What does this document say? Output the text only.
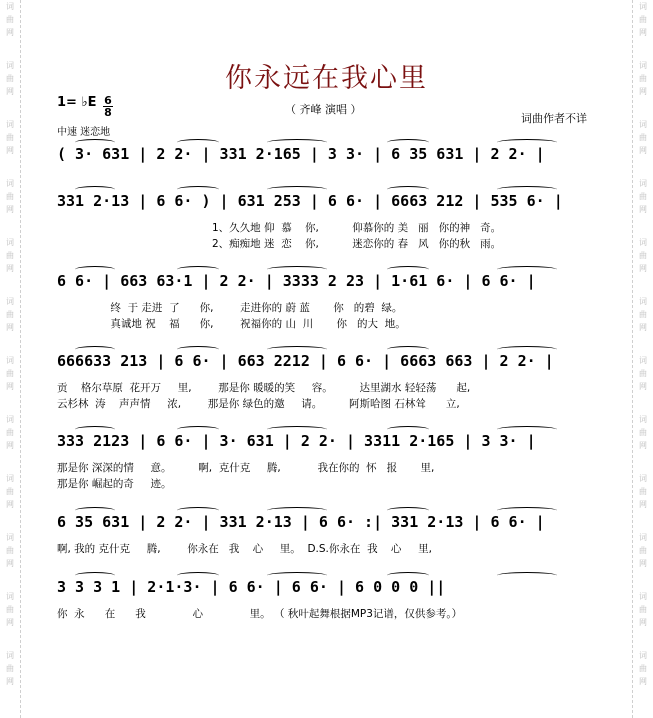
词
曲
网
词
曲
网
词
曲
网
词
曲
网
词
曲
网
词
曲
网
词
曲
网
词
曲
网
词
曲
网
词
曲
网
词
曲
网
词
曲
网
词
曲
网
词
曲
网
词
曲
网
词
曲
网
词
曲
网
词
曲
网
词
曲
网
词
曲
网
词
曲
网
词
曲
网
词
曲
网
词
曲
网
你永远在我心里
（ 齐峰 演唱 ）
1= ♭E 6
8
中速 迷恋地
词曲作者不详
( 3· 631 | 2 2· | 331 2·165 | 3 3· | 6 35 631 | 2 2· |
331 2·13 | 6 6· ) | 631 253 | 6 6· | 6663 212 | 535 6· |
1、久久地 仰  慕    你,          仰慕你的 美   丽   你的神   奇。
2、痴痴地 迷  恋    你,          迷恋你的 春   风   你的秋   雨。
6 6· | 663 63·1 | 2 2· | 3333 2 23 | 1·61 6· | 6 6· |
终  于 走进  了      你,        走进你的 蔚 蓝       你   的碧  绿。
真诚地 祝    福      你,        祝福你的 山  川       你   的大  地。
666633 213 | 6 6· | 663 2212 | 6 6· | 6663 663 | 2 2· |
贡    格尔草原  花开万     里,        那是你 暖暖的笑     容。        达里湖水 轻轻荡      起,
云杉林  涛    声声情     浓,        那是你 绿色的邀     请。        阿斯哈图 石林耸      立,
333 2123 | 6 6· | 3· 631 | 2 2· | 3311 2·165 | 3 3· |
那是你 深深的情     意。        啊,  克什克     腾,           我在你的  怀   报       里,
那是你 崛起的奇     迹。
6 35 631 | 2 2· | 331 2·13 | 6 6· :| 331 2·13 | 6 6· |
啊, 我的 克什克     腾,        你永在   我    心     里。  D.S.你永在  我    心     里,
3 3 3 1 | 2·1·3· | 6 6· | 6 6· | 6 0 0 0 ||
你  永      在      我              心              里。 （ 秋叶起舞根据MP3记谱，仅供参考。）
